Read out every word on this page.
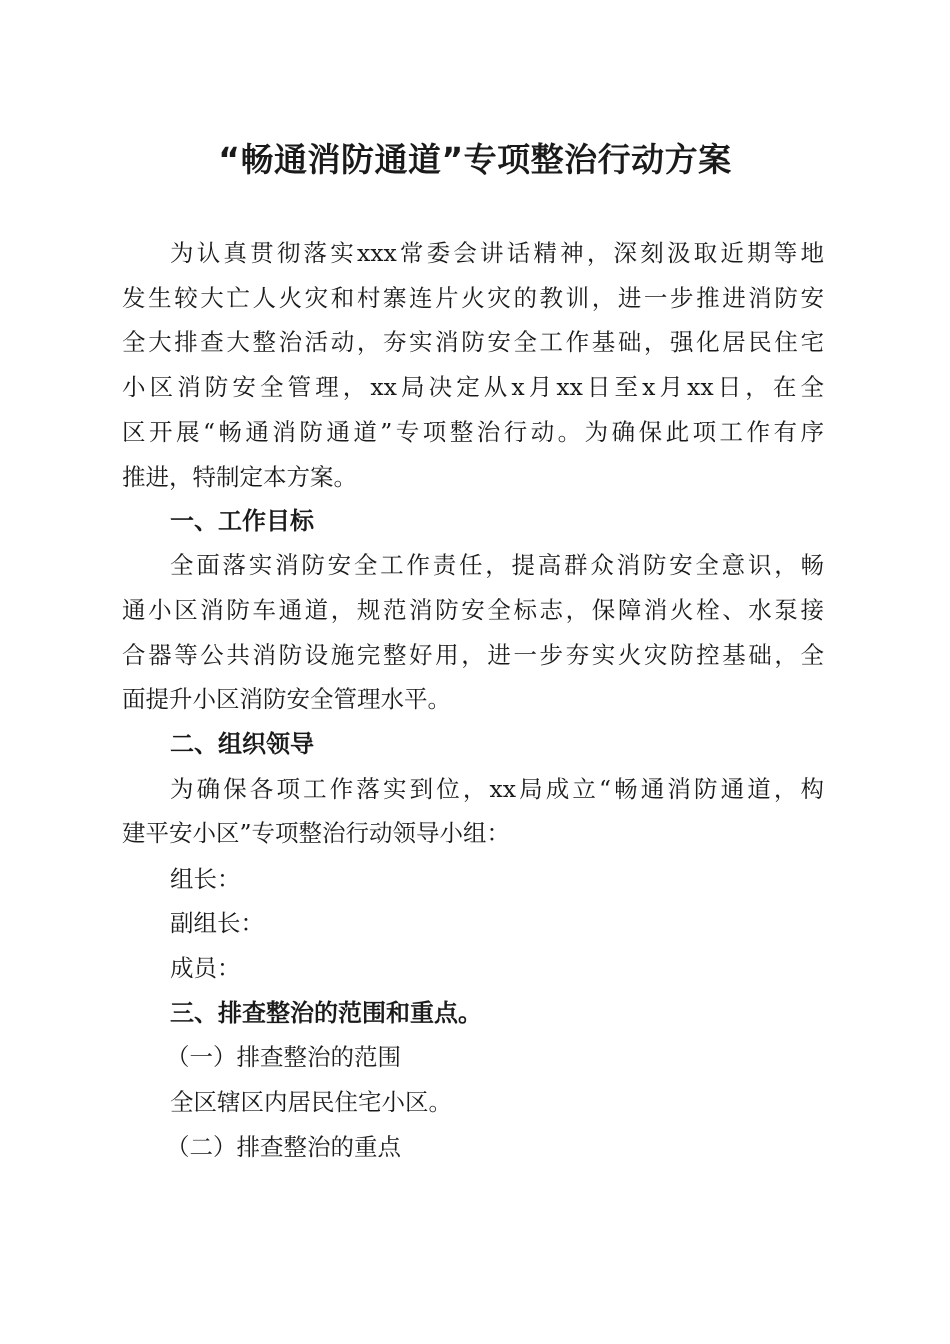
“畅通消防通道”专项整治行动方案
为认真贯彻落实xxx常委会讲话精神，深刻汲取近期等地
发生较大亡人火灾和村寨连片火灾的教训，进一步推进消防安
全大排查大整治活动，夯实消防安全工作基础，强化居民住宅
小区消防安全管理，xx局决定从x月xx日至x月xx日，在全
区开展“畅通消防通道”专项整治行动。为确保此项工作有序
推进，特制定本方案。
一、工作目标
全面落实消防安全工作责任，提高群众消防安全意识，畅
通小区消防车通道，规范消防安全标志，保障消火栓、水泵接
合器等公共消防设施完整好用，进一步夯实火灾防控基础，全
面提升小区消防安全管理水平。
二、组织领导
为确保各项工作落实到位，xx局成立“畅通消防通道，构
建平安小区”专项整治行动领导小组：
组长：
副组长：
成员：
三、排查整治的范围和重点。
（一）排查整治的范围
全区辖区内居民住宅小区。
（二）排查整治的重点
